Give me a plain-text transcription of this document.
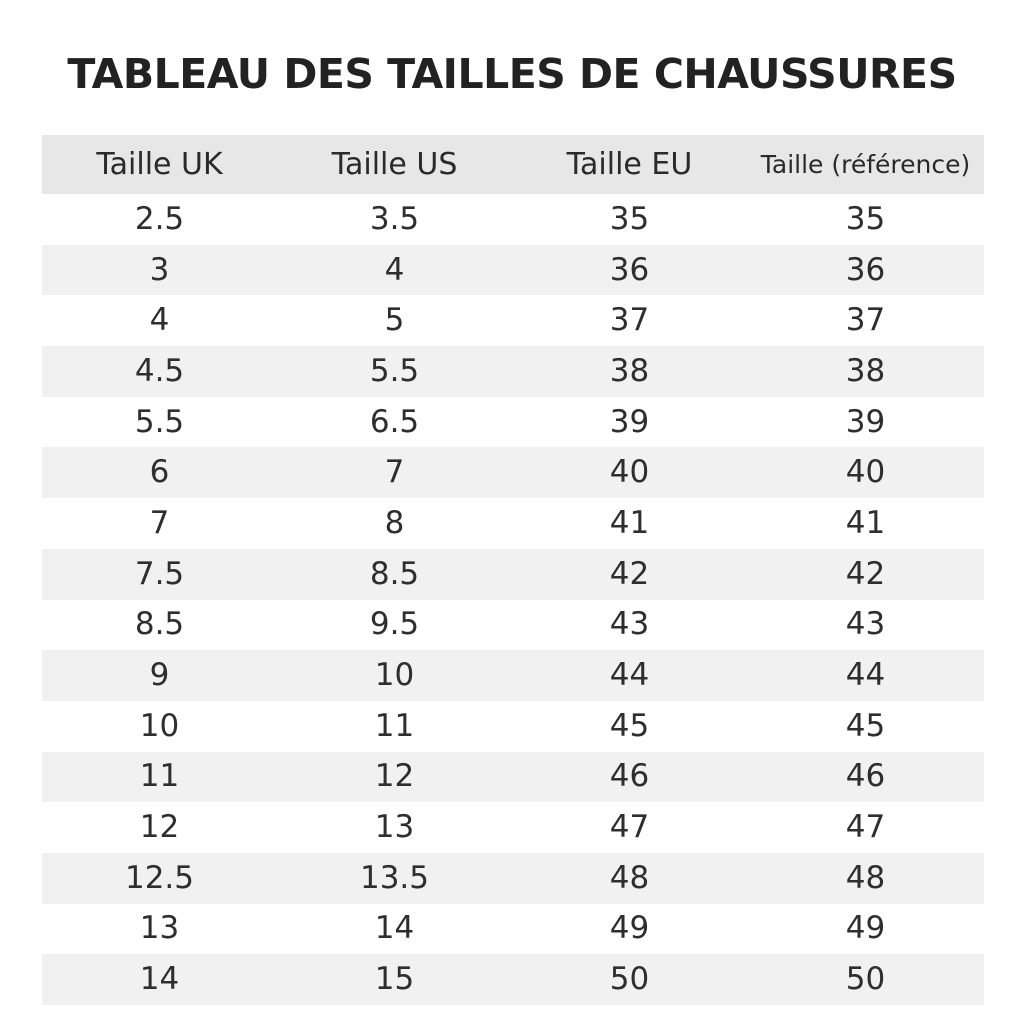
TABLEAU DES TAILLES DE CHAUSSURES
Taille UK	Taille US	Taille EU	Taille (référence)
2.5	3.5	35	35
3	4	36	36
4	5	37	37
4.5	5.5	38	38
5.5	6.5	39	39
6	7	40	40
7	8	41	41
7.5	8.5	42	42
8.5	9.5	43	43
9	10	44	44
10	11	45	45
11	12	46	46
12	13	47	47
12.5	13.5	48	48
13	14	49	49
14	15	50	50
